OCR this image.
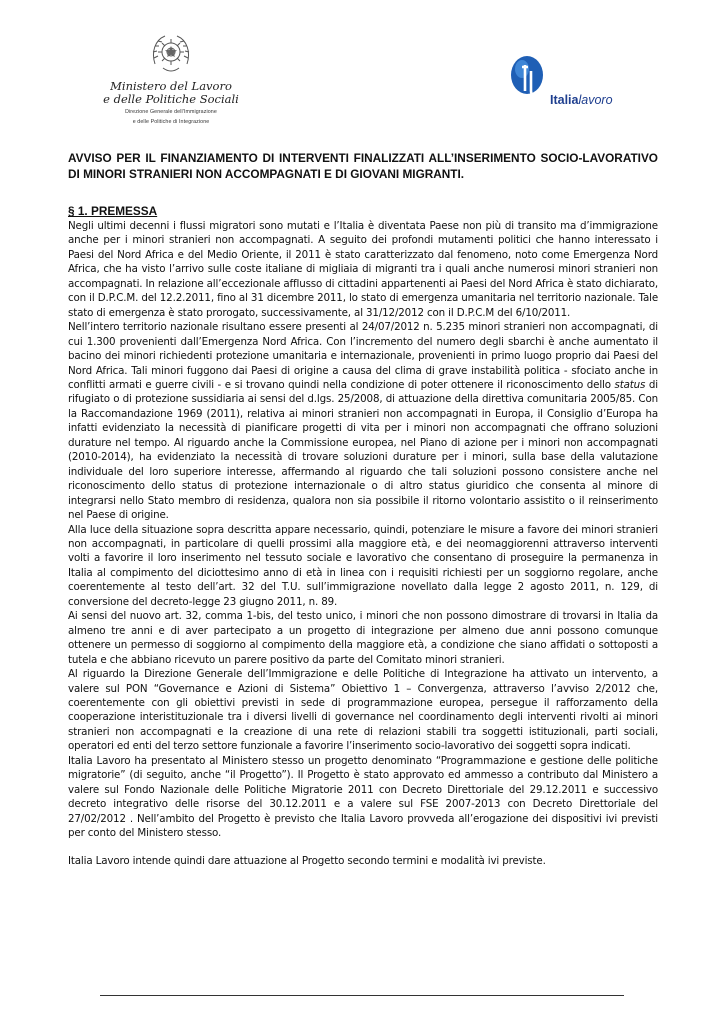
Ministero del Lavoro
e delle Politiche Sociali
Direzione Generale dell'Immigrazione
e delle Politiche di Integrazione
Italialavoro

AVVISO PER IL FINANZIAMENTO DI INTERVENTI FINALIZZATI ALL’INSERIMENTO SOCIO-LAVORATIVO DI MINORI STRANIERI NON ACCOMPAGNATI E DI GIOVANI MIGRANTI.

§ 1. PREMESSA

Negli ultimi decenni i flussi migratori sono mutati e l’Italia è diventata Paese non più di transito ma d’immigrazione anche per i minori stranieri non accompagnati. A seguito dei profondi mutamenti politici che hanno interessato i Paesi del Nord Africa e del Medio Oriente, il 2011 è stato caratterizzato dal fenomeno, noto come Emergenza Nord Africa, che ha visto l’arrivo sulle coste italiane di migliaia di migranti tra i quali anche numerosi minori stranieri non accompagnati. In relazione all’eccezionale afflusso di cittadini appartenenti ai Paesi del Nord Africa è stato dichiarato, con il D.P.C.M. del 12.2.2011, fino al 31 dicembre 2011, lo stato di emergenza umanitaria nel territorio nazionale. Tale stato di emergenza è stato prorogato, successivamente, al 31/12/2012 con il D.P.C.M del 6/10/2011.

Nell’intero territorio nazionale risultano essere presenti al 24/07/2012 n. 5.235 minori stranieri non accompagnati, di cui 1.300 provenienti dall’Emergenza Nord Africa. Con l’incremento del numero degli sbarchi è anche aumentato il bacino dei minori richiedenti protezione umanitaria e internazionale, provenienti in primo luogo proprio dai Paesi del Nord Africa. Tali minori fuggono dai Paesi di origine a causa del clima di grave instabilità politica - sfociato anche in conflitti armati e guerre civili - e si trovano quindi nella condizione di poter ottenere il riconoscimento dello status di rifugiato o di protezione sussidiaria ai sensi del d.lgs. 25/2008, di attuazione della direttiva comunitaria 2005/85. Con la Raccomandazione 1969 (2011), relativa ai minori stranieri non accompagnati in Europa, il Consiglio d’Europa ha infatti evidenziato la necessità di pianificare progetti di vita per i minori non accompagnati che offrano soluzioni durature nel tempo. Al riguardo anche la Commissione europea, nel Piano di azione per i minori non accompagnati (2010-2014), ha evidenziato la necessità di trovare soluzioni durature per i minori, sulla base della valutazione individuale del loro superiore interesse, affermando al riguardo che tali soluzioni possono consistere anche nel riconoscimento dello status di protezione internazionale o di altro status giuridico che consenta al minore di integrarsi nello Stato membro di residenza, qualora non sia possibile il ritorno volontario assistito o il reinserimento nel Paese di origine.

Alla luce della situazione sopra descritta appare necessario, quindi, potenziare le misure a favore dei minori stranieri non accompagnati, in particolare di quelli prossimi alla maggiore età, e dei neomaggiorenni attraverso interventi volti a favorire il loro inserimento nel tessuto sociale e lavorativo che consentano di proseguire la permanenza in Italia al compimento del diciottesimo anno di età in linea con i requisiti richiesti per un soggiorno regolare, anche coerentemente al testo dell’art. 32 del T.U. sull’immigrazione novellato dalla legge 2 agosto 2011, n. 129, di conversione del decreto-legge 23 giugno 2011, n. 89.

Ai sensi del nuovo art. 32, comma 1-bis, del testo unico, i minori che non possono dimostrare di trovarsi in Italia da almeno tre anni e di aver partecipato a un progetto di integrazione per almeno due anni possono comunque ottenere un permesso di soggiorno al compimento della maggiore età, a condizione che siano affidati o sottoposti a tutela e che abbiano ricevuto un parere positivo da parte del Comitato minori stranieri.

Al riguardo la Direzione Generale dell’Immigrazione e delle Politiche di Integrazione ha attivato un intervento, a valere sul PON “Governance e Azioni di Sistema” Obiettivo 1 – Convergenza, attraverso l’avviso 2/2012 che, coerentemente con gli obiettivi previsti in sede di programmazione europea, persegue il rafforzamento della cooperazione interistituzionale tra i diversi livelli di governance nel coordinamento degli interventi rivolti ai minori stranieri non accompagnati e la creazione di una rete di relazioni stabili tra soggetti istituzionali, parti sociali, operatori ed enti del terzo settore funzionale a favorire l’inserimento socio-lavorativo dei soggetti sopra indicati.

Italia Lavoro ha presentato al Ministero stesso un progetto denominato “Programmazione e gestione delle politiche migratorie” (di seguito, anche “il Progetto”). Il Progetto è stato approvato ed ammesso a contributo dal Ministero a valere sul Fondo Nazionale delle Politiche Migratorie 2011 con Decreto Direttoriale del 29.12.2011 e successivo decreto integrativo delle risorse del 30.12.2011 e a valere sul FSE 2007-2013 con Decreto Direttoriale del 27/02/2012 . Nell’ambito del Progetto è previsto che Italia Lavoro provveda all’erogazione dei dispositivi ivi previsti per conto del Ministero stesso.

Italia Lavoro intende quindi dare attuazione al Progetto secondo termini e modalità ivi previste.
